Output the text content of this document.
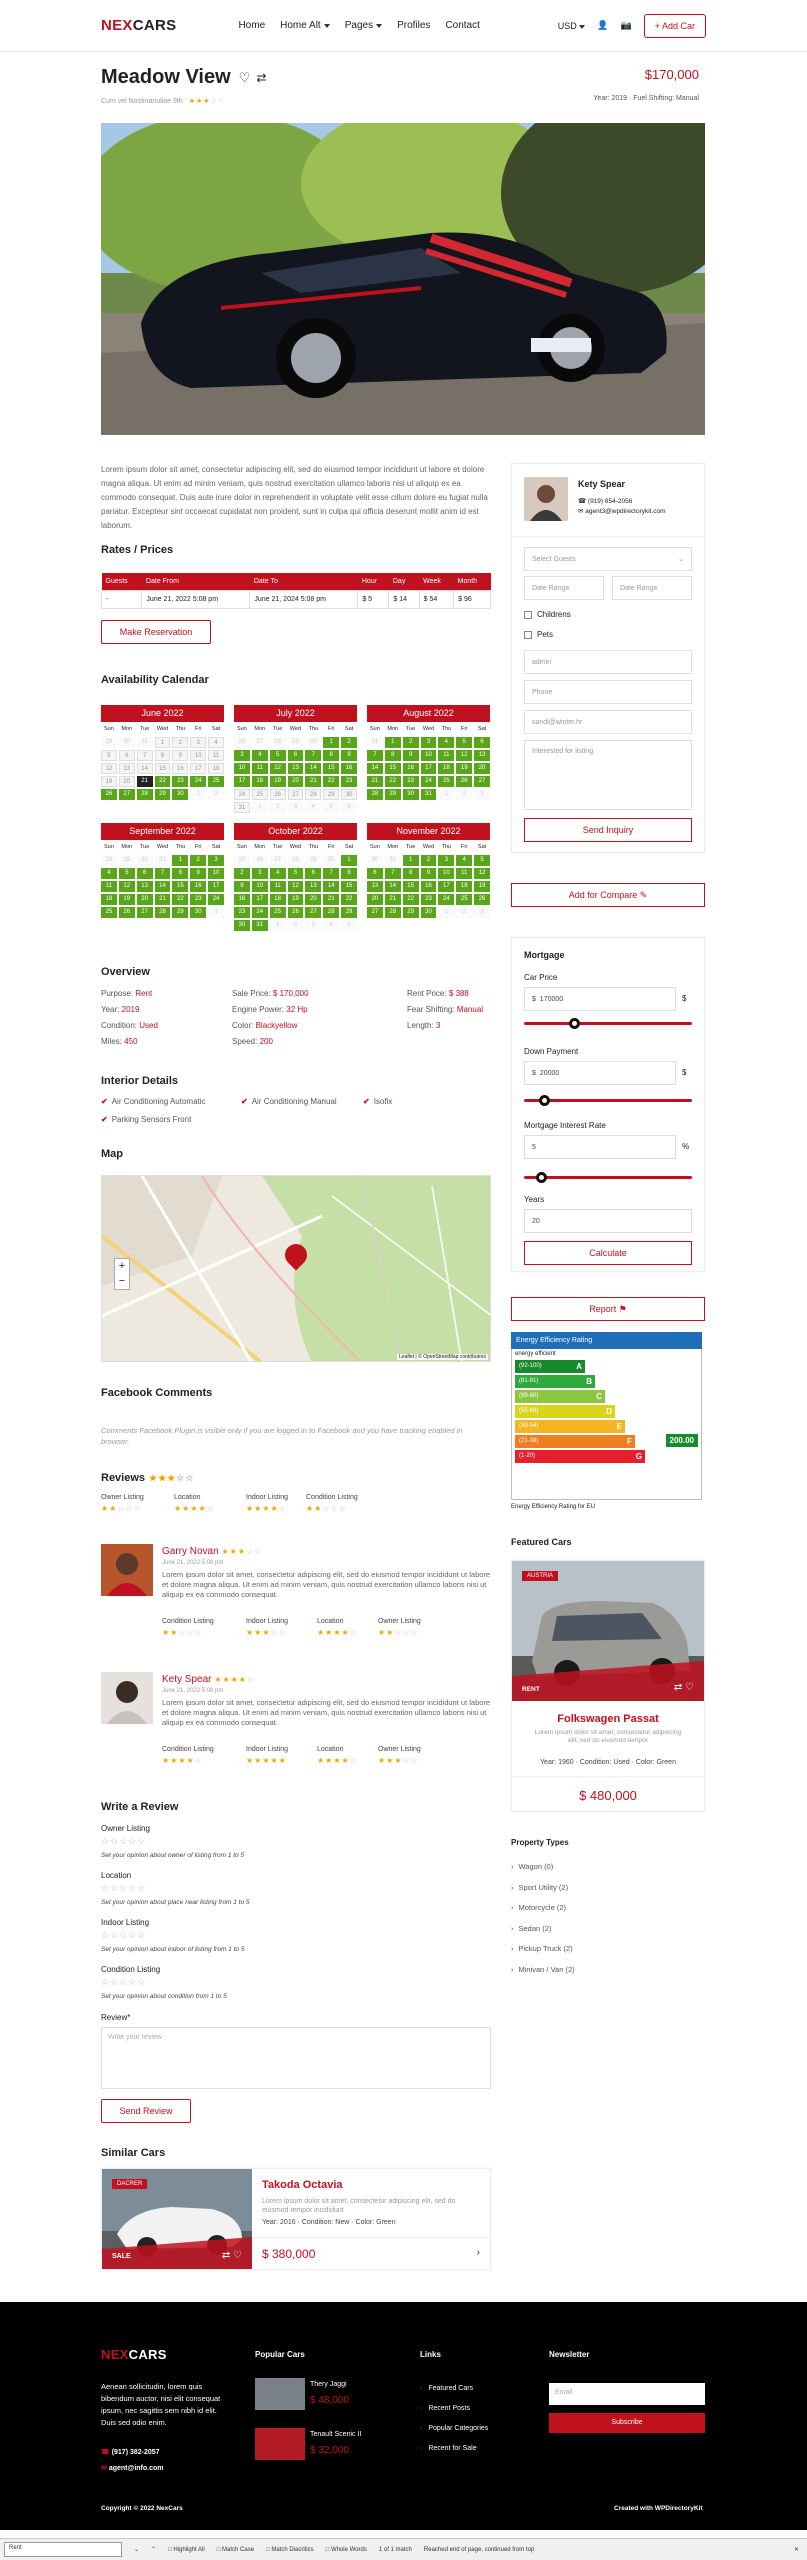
NEXCARS	Home Home Alt Pages Profiles Contact	USD	👤 📷	+ Add Car
Meadow View ♡ ⇄	$170,000
Cum vel Nostinariuliae 9th ★★★☆☆	Year: 2019 · Fuel Shifting: Manual
Lorem ipsum dolor sit amet, consectetur adipiscing elit, sed do eiusmod tempor incididunt ut labore et dolore magna aliqua. Ut enim ad minim veniam, quis nostrud exercitation ullamco laboris nisi ut aliquip ex ea commodo consequat. Duis aute irure dolor in reprehenderit in voluptate velit esse cillum dolore eu fugiat nulla pariatur. Excepteur sint occaecat cupidatat non proident, sunt in culpa qui officia deserunt mollit anim id est laborum.
Rates / Prices
Guests	Date From	Date To	Hour	Day	Week	Month
-	June 21, 2022 5:08 pm	June 21, 2024 5:08 pm	$ 5	$ 14	$ 54	$ 96
Make Reservation
Availability Calendar
June 2022
Sun	Mon	Tue	Wed	Thu	Fri	Sat
29	30	31	1	2	3	4
5	6	7	8	9	10	11
12	13	14	15	16	17	18
19	20	21	22	23	24	25
26	27	28	29	30	1	2
July 2022
Sun	Mon	Tue	Wed	Thu	Fri	Sat
26	27	28	29	30	1	2
3	4	5	6	7	8	9
10	11	12	13	14	15	16
17	18	19	20	21	22	23
24	25	26	27	28	29	30
31	1	2	3	4	5	6
August 2022
Sun	Mon	Tue	Wed	Thu	Fri	Sat
31	1	2	3	4	5	6
7	8	9	10	11	12	13
14	15	16	17	18	19	20
21	22	23	24	25	26	27
28	29	30	31	1	2	3
September 2022
Sun	Mon	Tue	Wed	Thu	Fri	Sat
28	29	30	31	1	2	3
4	5	6	7	8	9	10
11	12	13	14	15	16	17
18	19	20	21	22	23	24
25	26	27	28	29	30	1
October 2022
Sun	Mon	Tue	Wed	Thu	Fri	Sat
25	26	27	28	29	30	1
2	3	4	5	6	7	8
9	10	11	12	13	14	15
16	17	18	19	20	21	22
23	24	25	26	27	28	29
30	31	1	2	3	4	5
November 2022
Sun	Mon	Tue	Wed	Thu	Fri	Sat
30	31	1	2	3	4	5
6	7	8	9	10	11	12
13	14	15	16	17	18	19
20	21	22	23	24	25	26
27	28	29	30	1	2	3
Overview
Purpose: Rent	Sale Price: $ 170,000	Rent Price: $ 388
Year: 2019	Engine Power: 32 Hp	Fear Shifting: Manual
Condition: Used	Color: Blackyellow	Length: 3
Miles: 450	Speed: 200
Interior Details
✔ Air Conditioning Automatic	✔ Air Conditioning Manual	✔ Isofix
✔ Parking Sensors Front
Map
+
−
Leaflet | © OpenStreetMap contributors
Facebook Comments
Comments Facebook Plugin is visible only if you are logged in to Facebook and you have tracking enabled in browser.
Reviews ★★★☆☆
Owner Listing
★★☆☆☆
Location
★★★★☆
Indoor Listing
★★★★☆
Condition Listing
★★☆☆☆
Garry Novan ★★★☆☆
June 21, 2022 5:08 pm
Lorem ipsum dolor sit amet, consectetur adipiscing elit, sed do eiusmod tempor incididunt ut labore et dolore magna aliqua. Ut enim ad minim veniam, quis nostrud exercitation ullamco laboris nisi ut aliquip ex ea commodo consequat.
Condition Listing
★★☆☆☆
Indoor Listing
★★★☆☆
Location
★★★★☆
Owner Listing
★★☆☆☆
Kety Spear ★★★★☆
June 21, 2022 5:08 pm
Lorem ipsum dolor sit amet, consectetur adipiscing elit, sed do eiusmod tempor incididunt ut labore et dolore magna aliqua. Ut enim ad minim veniam, quis nostrud exercitation ullamco laboris nisi ut aliquip ex ea commodo consequat.
Condition Listing
★★★★☆
Indoor Listing
★★★★★
Location
★★★★☆
Owner Listing
★★★☆☆
Write a Review
Owner Listing
☆☆☆☆☆
Set your opinion about owner of listing from 1 to 5
Location
☆☆☆☆☆
Set your opinion about place near listing from 1 to 5
Indoor Listing
☆☆☆☆☆
Set your opinion about indoor of listing from 1 to 5
Condition Listing
☆☆☆☆☆
Set your opinion about condition from 1 to 5
Review*
Write your review
Send Review
Similar Cars
DACRER
SALE	⇄ ♡
Takoda Octavia
Lorem ipsum dolor sit amet, consectetur adipiscing elit, sed do eiusmod tempor incididunt
Year: 2016 · Condition: New · Color: Green
$ 380,000	›
Kety Spear
☎ (919) 854-2056
✉ agent3@wpdirectorykit.com
Select Guests	⌄
Date Range	Date Range
Childrens
Pets
admin
Phone
sandi@winter.hr
Interested for listing
Send Inquiry
Add for Compare ✎
Mortgage
Car Price
$
170000	$
Down Payment
$
20000	$
Mortgage Interest Rate
5	%
Years
20
Calculate
Report ⚑
Energy Efficiency Rating
energy efficient
(92-100)	A
(81-91)	B
(69-80)	C
(55-68)	D
(39-54)	E
(21-38)	F
(1-20)	G
200.00
Energy Efficiency Rating for EU
Featured Cars
AUSTRIA
RENT	⇄ ♡
Folkswagen Passat
Lorem ipsum dolor sit amet, consectetur adipiscing elit, sed do eiusmod tempor
Year: 1960 · Condition: Used · Color: Green
$ 480,000
Property Types
› Wagon (0)
› Sport Utility (2)
› Motorcycle (2)
› Sedan (2)
› Pickup Truck (2)
› Minivan / Van (2)
NEXCARS
Aenean sollicitudin, lorem quis bibendum auctor, nisi elit consequat ipsum, nec sagittis sem nibh id elit. Duis sed odio enim.
☎ (917) 382-2057
✉ agent@info.com
Popular Cars
Thery Jaggi
$ 48,000
Tenault Scenic II
$ 32,000
Links
› Featured Cars
› Recent Posts
› Popular Categories
› Recent for Sale
Newsletter
Email
Subscribe
Copyright © 2022 NexCars	Created with WPDirectoryKit
Rent	⌄ ⌃ □ Highlight All □ Match Case □ Match Diacritics □ Whole Words 1 of 1 match Reached end of page, continued from top	✕
